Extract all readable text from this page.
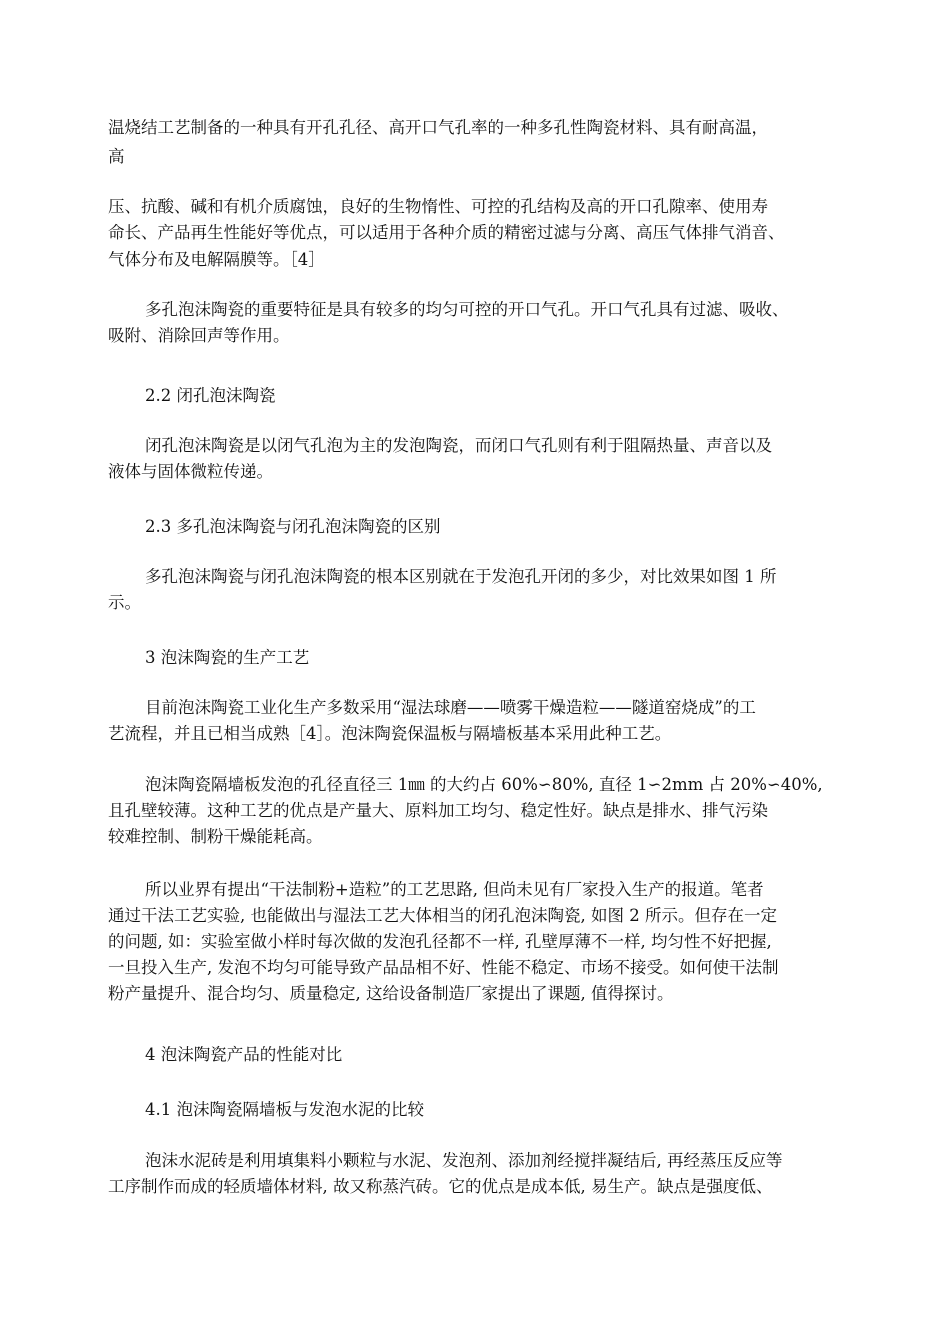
温烧结工艺制备的一种具有开孔孔径、高开口气孔率的一种多孔性陶瓷材料、具有耐高温，
高
压、抗酸、碱和有机介质腐蚀，良好的生物惰性、可控的孔结构及高的开口孔隙率、使用寿
命长、产品再生性能好等优点，可以适用于各种介质的精密过滤与分离、高压气体排气消音、
气体分布及电解隔膜等。［4］
多孔泡沫陶瓷的重要特征是具有较多的均匀可控的开口气孔。开口气孔具有过滤、吸收、
吸附、消除回声等作用。
2.2 闭孔泡沫陶瓷
闭孔泡沫陶瓷是以闭气孔泡为主的发泡陶瓷，而闭口气孔则有利于阻隔热量、声音以及
液体与固体微粒传递。
2.3 多孔泡沫陶瓷与闭孔泡沫陶瓷的区别
多孔泡沫陶瓷与闭孔泡沫陶瓷的根本区别就在于发泡孔开闭的多少，对比效果如图 1 所
示。
3 泡沫陶瓷的生产工艺
目前泡沫陶瓷工业化生产多数采用“湿法球磨——喷雾干燥造粒——隧道窑烧成”的工
艺流程，并且已相当成熟［4］。泡沫陶瓷保温板与隔墙板基本采用此种工艺。
泡沫陶瓷隔墙板发泡的孔径直径三 1㎜ 的大约占 60%∽80%, 直径 1∽2mm 占 20%∽40%,
且孔壁较薄。这种工艺的优点是产量大、原料加工均匀、稳定性好。缺点是排水、排气污染
较难控制、制粉干燥能耗高。
所以业界有提出“干法制粉+造粒”的工艺思路, 但尚未见有厂家投入生产的报道。笔者
通过干法工艺实验, 也能做出与湿法工艺大体相当的闭孔泡沫陶瓷, 如图 2 所示。但存在一定
的问题, 如：实验室做小样时每次做的发泡孔径都不一样, 孔壁厚薄不一样, 均匀性不好把握,
一旦投入生产, 发泡不均匀可能导致产品品相不好、性能不稳定、市场不接受。如何使干法制
粉产量提升、混合均匀、质量稳定, 这给设备制造厂家提出了课题, 值得探讨。
4 泡沫陶瓷产品的性能对比
4.1 泡沫陶瓷隔墙板与发泡水泥的比较
泡沫水泥砖是利用填集料小颗粒与水泥、发泡剂、添加剂经搅拌凝结后, 再经蒸压反应等
工序制作而成的轻质墙体材料, 故又称蒸汽砖。它的优点是成本低, 易生产。缺点是强度低、
